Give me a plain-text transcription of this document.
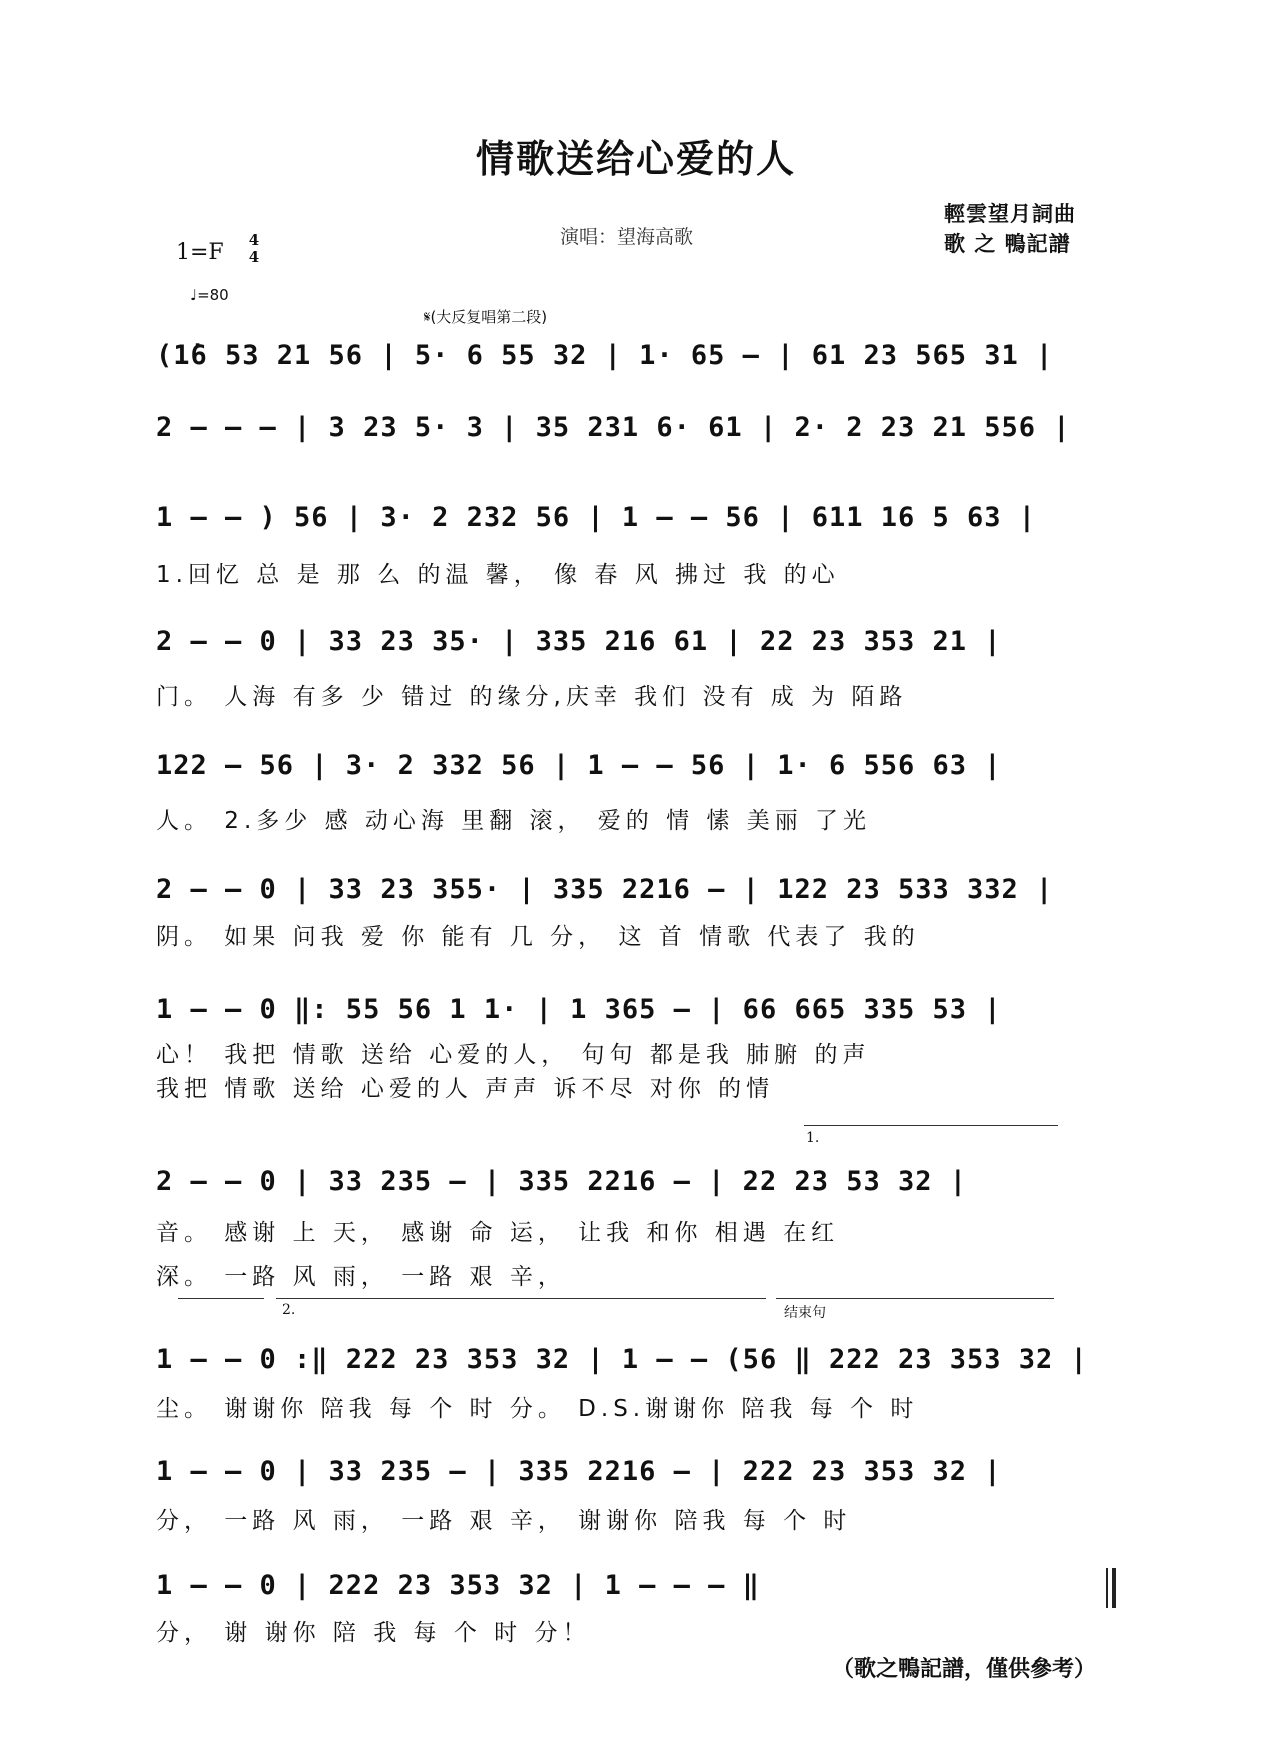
情歌送给心爱的人
演唱：望海高歌
輕雲望月詞曲
歌 之 鴨記譜
1=F 4
4
♩=80
𝄋(大反复唱第二段)
(1̇6 53 21 56 | 5· 6 55 32 | 1· 65 – | 61 23 565 31 |
2 – – – | 3 23 5· 3 | 35 231 6· 61 | 2· 2 23 21 556 |
1 – – ) 56 | 3· 2 232 56 | 1 – – 56 | 611 16 5 63 |
1.回忆 总 是 那 么 的温 馨， 像 春 风 拂过 我 的心
2 – – 0 | 33 23 35· | 335 216 61 | 22 23 353 21 |
门。 人海 有多 少 错过 的缘分,庆幸 我们 没有 成 为 陌路
122 – 56 | 3· 2 332 56 | 1 – – 56 | 1· 6 556 63 |
人。 2.多少 感 动心海 里翻 滚， 爱的 情 愫 美丽 了光
2 – – 0 | 33 23 355· | 335 2216 – | 122 23 533 332 |
阴。 如果 问我 爱 你 能有 几 分， 这 首 情歌 代表了 我的
1 – – 0 ‖: 55 56 1 1· | 1 365 – | 66 665 335 53 |
心！ 我把 情歌 送给 心爱的人， 句句 都是我 肺腑 的声
我把 情歌 送给 心爱的人 声声 诉不尽 对你 的情
1.
2 – – 0 | 33 235 – | 335 2216 – | 22 23 53 32 |
音。 感谢 上 天， 感谢 命 运， 让我 和你 相遇 在红
深。 一路 风 雨， 一路 艰 辛，
2.	结束句
1 – – 0 :‖ 222 23 353 32 | 1 – – (56 ‖ 222 23 353 32 |
尘。 谢谢你 陪我 每 个 时 分。 D.S.谢谢你 陪我 每 个 时
1 – – 0 | 33 235 – | 335 2216 – | 222 23 353 32 |
分， 一路 风 雨， 一路 艰 辛， 谢谢你 陪我 每 个 时
1 – – 0 | 222 23 353 32 | 1 – – – ‖
分， 谢 谢你 陪 我 每 个 时 分！
（歌之鴨記譜，僅供參考）
